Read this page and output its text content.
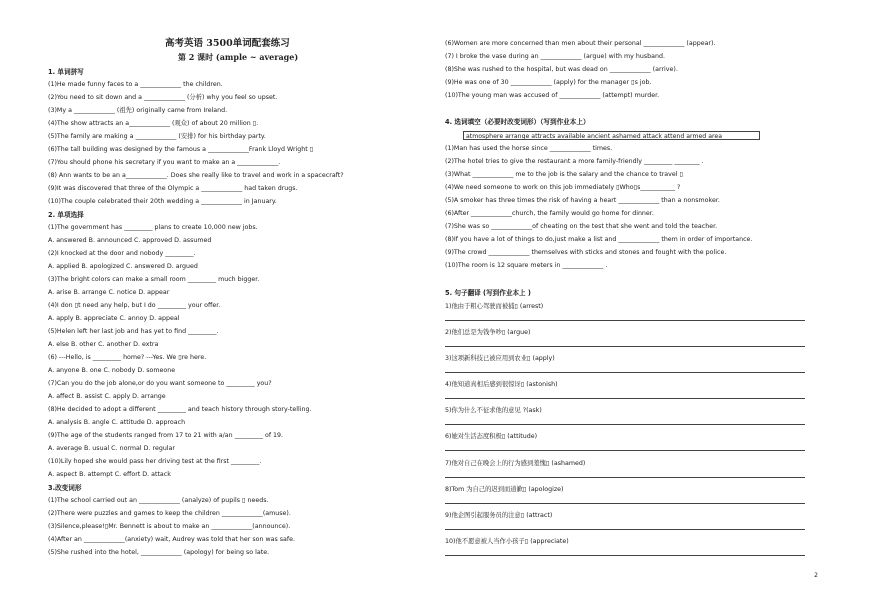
高考英语 3500单词配套练习
第 2 课时 (ample ~ average)
1. 单词拼写
(1)He made funny faces to a _____________ the children.
(2)You need to sit down and a _____________ (分析) why you feel so upset.
(3)My a _____________ (祖先) originally came from Ireland.
(4)The show attracts an a_____________ (观众) of about 20 million ▯.
(5)The family are making a _____________ (安排) for his birthday party.
(6)The tall building was designed by the famous a _____________Frank Lloyd Wright ▯
(7)You should phone his secretary if you want to make an a _____________.
(8) Ann wants to be an a_____________. Does she really like to travel and work in a spacecraft?
(9)It was discovered that three of the Olympic a _____________ had taken drugs.
(10)The couple celebrated their 20th wedding a _____________ in January.
2. 单项选择
(1)The government has _________ plans to create 10,000 new jobs.
A. answered B. announced C. approved D. assumed
(2)I knocked at the door and nobody _________.
A. applied B. apologized C. answered D. argued
(3)The bright colors can make a small room _________ much bigger.
A. arise B. arrange C. notice D. appear
(4)I don ▯t need any help, but I do _________ your offer.
A. apply B. appreciate C. annoy D. appeal
(5)Helen left her last job and has yet to find _________.
A. else B. other C. another D. extra
(6) ---Hello, is _________ home? ---Yes. We ▯re here.
A. anyone B. one C. nobody D. someone
(7)Can you do the job alone,or do you want someone to _________ you?
A. affect B. assist C. apply D. arrange
(8)He decided to adopt a different _________ and teach history through story-telling.
A. analysis B. angle C. attitude D. approach
(9)The age of the students ranged from 17 to 21 with a/an _________ of 19.
A. average B. usual C. normal D. regular
(10)Lily hoped she would pass her driving test at the first _________.
A. aspect B. attempt C. effort D. attack
3.改变词形
(1)The school carried out an _____________ (analyze) of pupils ▯ needs.
(2)There were puzzles and games to keep the children _____________(amuse).
(3)Silence,please!▯Mr. Bennett is about to make an _____________(announce).
(4)After an _____________(anxiety) wait, Audrey was told that her son was safe.
(5)She rushed into the hotel, _____________ (apology) for being so late.
(6)Women are more concerned than men about their personal _____________ (appear).
(7) I broke the vase during an _____________ (argue) with my husband.
(8)She was rushed to the hospital, but was dead on _____________ (arrive).
(9)He was one of 30 _____________ (apply) for the manager ▯s job.
(10)The young man was accused of _____________ (attempt) murder.
4. 选词填空（必要时改变词形）（写到作业本上）
(1)Man has used the horse since _____________ times.
(2)The hotel tries to give the restaurant a more family-friendly _________ ________ .
(3)What _____________ me to the job is the salary and the chance to travel ▯
(4)We need someone to work on this job immediately ▯Who▯s___________ ?
(5)A smoker has three times the risk of having a heart _____________ than a nonsmoker.
(6)After _____________church, the family would go home for dinner.
(7)She was so _____________of cheating on the test that she went and told the teacher.
(8)If you have a lot of things to do,just make a list and _____________ them in order of importance.
(9)The crowd _____________ themselves with sticks and stones and fought with the police.
(10)The room is 12 square meters in _____________ .
5. 句子翻译 (写到作业本上 )
1)他由于粗心驾驶而被捕▯ (arrest)
2)他们总是为钱争吵▯ (argue)
3)这项新科技已被应用到农业▯ (apply)
4)他知道真相后感到很惊讶▯ (astonish)
5)你为什么不征求他的意见 ?(ask)
6)她对生活态度积极▯ (attitude)
7)他对自己在晚会上的行为感到羞愧▯ (ashamed)
8)Tom 为自己的迟到而道歉▯ (apologize)
9)他企图引起服务员的注意▯ (attract)
10)他不愿意被人当作小孩子▯ (appreciate)
atmosphere arrange attracts available ancient ashamed attack attend armed area
2
